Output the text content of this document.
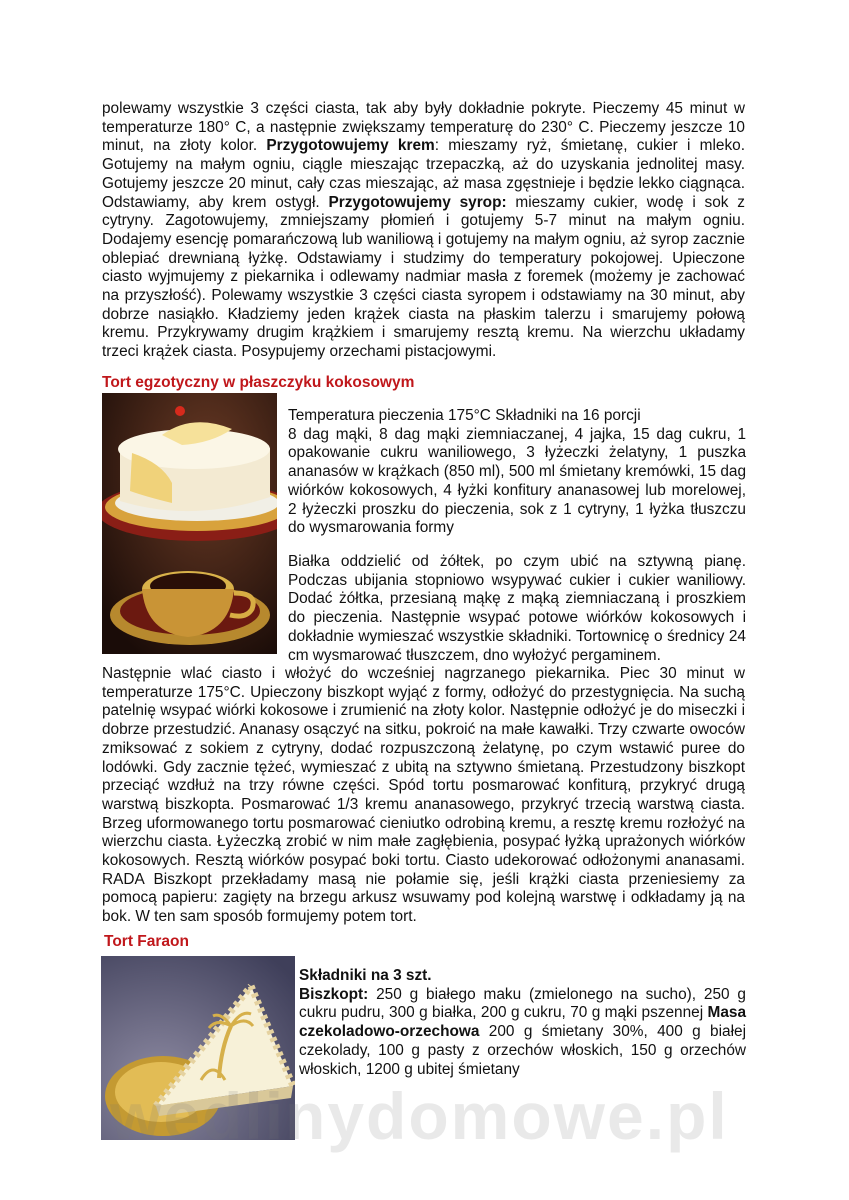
polewamy wszystkie 3 części ciasta, tak aby były dokładnie pokryte. Pieczemy 45 minut w temperaturze 180° C, a następnie zwiększamy temperaturę do 230° C. Pieczemy jeszcze 10 minut, na złoty kolor. Przygotowujemy krem: mieszamy ryż, śmietanę, cukier i mleko. Gotujemy na małym ogniu, ciągle mieszając trzepaczką, aż do uzyskania jednolitej masy. Gotujemy jeszcze 20 minut, cały czas mieszając, aż masa zgęstnieje i będzie lekko ciągnąca. Odstawiamy, aby krem ostygł. Przygotowujemy syrop: mieszamy cukier, wodę i sok z cytryny. Zagotowujemy, zmniejszamy płomień i gotujemy 5-7 minut na małym ogniu. Dodajemy esencję pomarańczową lub waniliową i gotujemy na małym ogniu, aż syrop zacznie oblepiać drewnianą łyżkę. Odstawiamy i studzimy do temperatury pokojowej. Upieczone ciasto wyjmujemy z piekarnika i odlewamy nadmiar masła z foremek (możemy je zachować na przyszłość). Polewamy wszystkie 3 części ciasta syropem i odstawiamy na 30 minut, aby dobrze nasiąkło. Kładziemy jeden krążek ciasta na płaskim talerzu i smarujemy połową kremu. Przykrywamy drugim krążkiem i smarujemy resztą kremu. Na wierzchu układamy trzeci krążek ciasta. Posypujemy orzechami pistacjowymi.

Tort egzotyczny w płaszczyku kokosowym

Temperatura pieczenia 175°C Składniki na 16 porcji
8 dag mąki, 8 dag mąki ziemniaczanej, 4 jajka, 15 dag cukru, 1 opakowanie cukru waniliowego, 3 łyżeczki żelatyny, 1 puszka ananasów w krążkach (850 ml), 500 ml śmietany kremówki, 15 dag wiórków kokosowych, 4 łyżki konfitury ananasowej lub morelowej, 2 łyżeczki proszku do pieczenia, sok z 1 cytryny, 1 łyżka tłuszczu do wysmarowania formy

Białka oddzielić od żółtek, po czym ubić na sztywną pianę. Podczas ubijania stopniowo wsypywać cukier i cukier waniliowy. Dodać żółtka, przesianą mąkę z mąką ziemniaczaną i proszkiem do pieczenia. Następnie wsypać potowe wiórków kokosowych i dokładnie wymieszać wszystkie składniki. Tortownicę o średnicy 24 cm wysmarować tłuszczem, dno wyłożyć pergaminem.

Następnie wlać ciasto i włożyć do wcześniej nagrzanego piekarnika. Piec 30 minut w temperaturze 175°C. Upieczony biszkopt wyjąć z formy, odłożyć do przestygnięcia. Na suchą patelnię wsypać wiórki kokosowe i zrumienić na złoty kolor. Następnie odłożyć je do miseczki i dobrze przestudzić. Ananasy osączyć na sitku, pokroić na małe kawałki. Trzy czwarte owoców zmiksować z sokiem z cytryny, dodać rozpuszczoną żelatynę, po czym wstawić puree do lodówki. Gdy zacznie tężeć, wymieszać z ubitą na sztywno śmietaną. Przestudzony biszkopt przeciąć wzdłuż na trzy równe części. Spód tortu posmarować konfiturą, przykryć drugą warstwą biszkopta. Posmarować 1/3 kremu ananasowego, przykryć trzecią warstwą ciasta. Brzeg uformowanego tortu posmarować cieniutko odrobiną kremu, a resztę kremu rozłożyć na wierzchu ciasta. Łyżeczką zrobić w nim małe zagłębienia, posypać łyżką uprażonych wiórków kokosowych. Resztą wiórków posypać boki tortu. Ciasto udekorować odłożonymi ananasami. RADA Biszkopt przekładamy masą nie połamie się, jeśli krążki ciasta przeniesiemy za pomocą papieru: zagięty na brzegu arkusz wsuwamy pod kolejną warstwę i odkładamy ją na bok. W ten sam sposób formujemy potem tort.

Tort Faraon

Składniki na 3 szt.
Biszkopt: 250 g białego maku (zmielonego na sucho), 250 g cukru pudru, 300 g białka, 200 g cukru, 70 g mąki pszennej Masa czekoladowo-orzechowa 200 g śmietany 30%, 400 g białej czekolady, 100 g pasty z orzechów włoskich, 150 g orzechów włoskich, 1200 g ubitej śmietany

wedlinydomowe.pl
